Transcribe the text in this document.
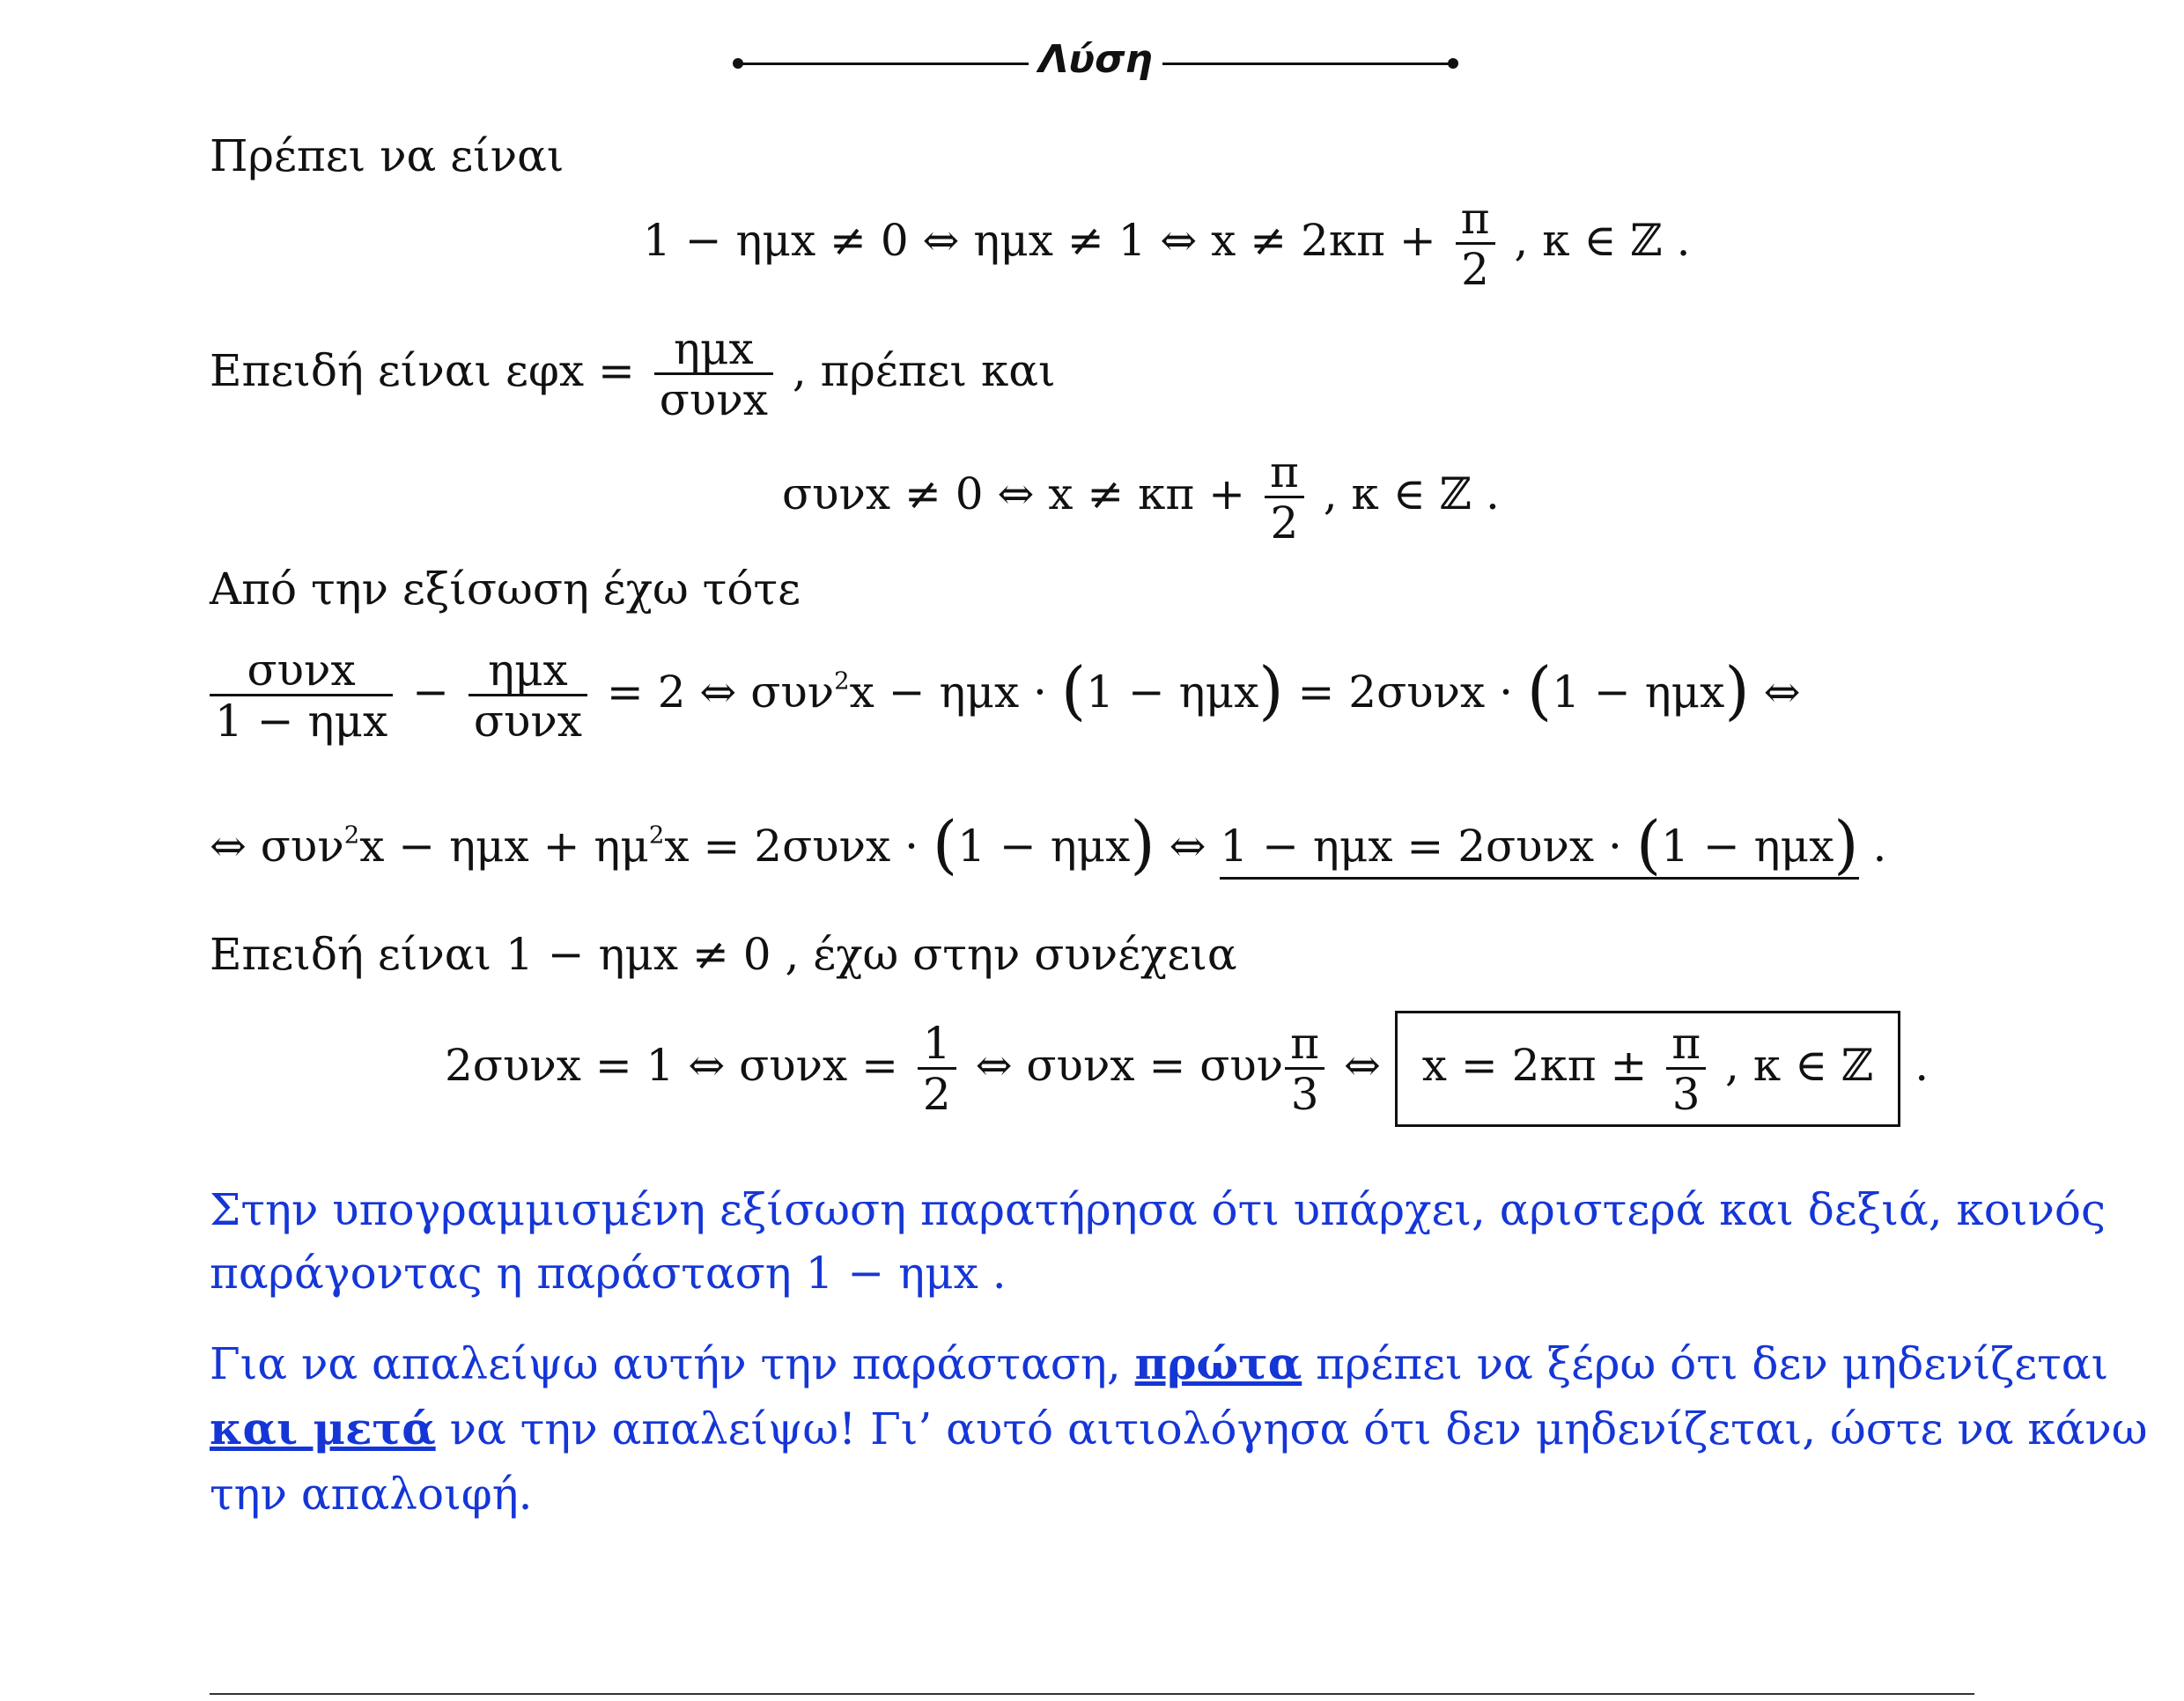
Λύση
Πρέπει να είναι
1 − ημx ≠ 0 ⇔ ημx ≠ 1 ⇔ $x \ne 2\kappa\pi + \frac{\pi}{2}$ , κ ∈ ℤ .
Επειδή είναι $\varepsilon\varphi x = \frac{\text{ημx}}{\text{συνx}}$ , πρέπει και
συνx ≠ 0 ⇔ $x \ne \kappa\pi + \frac{\pi}{2}$ , κ ∈ ℤ .
Από την εξίσωση έχω τότε
$\frac{\text{συνx}}{\text{1 − ημx}} - \frac{\text{ημx}}{\text{συνx}} = 2$ ⇔ συν$^2$x − ημx · (1 − ημx) = 2συνx · (1 − ημx) ⇔
⇔ $\sigma\upsilon\nu^2x - \eta\mu x + \eta\mu^2x = 2\sigma\upsilon\nu x \cdot (1 - \eta\mu x)$ ⇔ 1 − ημx = 2συνx · (1 − ημx) .
Επειδή είναι 1 − ημx ≠ 0 , έχω στην συνέχεια
2συνx = 1 ⇔ $\sigma\upsilon\nu x = \frac{1}{2}$ ⇔ συνx = συν $\frac{\pi}{3}$ ⇔ $x = 2\kappa\pi \pm \frac{\pi}{3}$ , κ ∈ ℤ .
Στην υπογραμμισμένη εξίσωση παρατήρησα ότι υπάρχει, αριστερά και δεξιά, κοινός
παράγοντας η παράσταση 1 − ημx .
Για να απαλείψω αυτήν την παράσταση, πρώτα πρέπει να ξέρω ότι δεν μηδενίζεται
και μετά να την απαλείψω! Γι’ αυτό αιτιολόγησα ότι δεν μηδενίζεται, ώστε να κάνω
την απαλοιφή.
